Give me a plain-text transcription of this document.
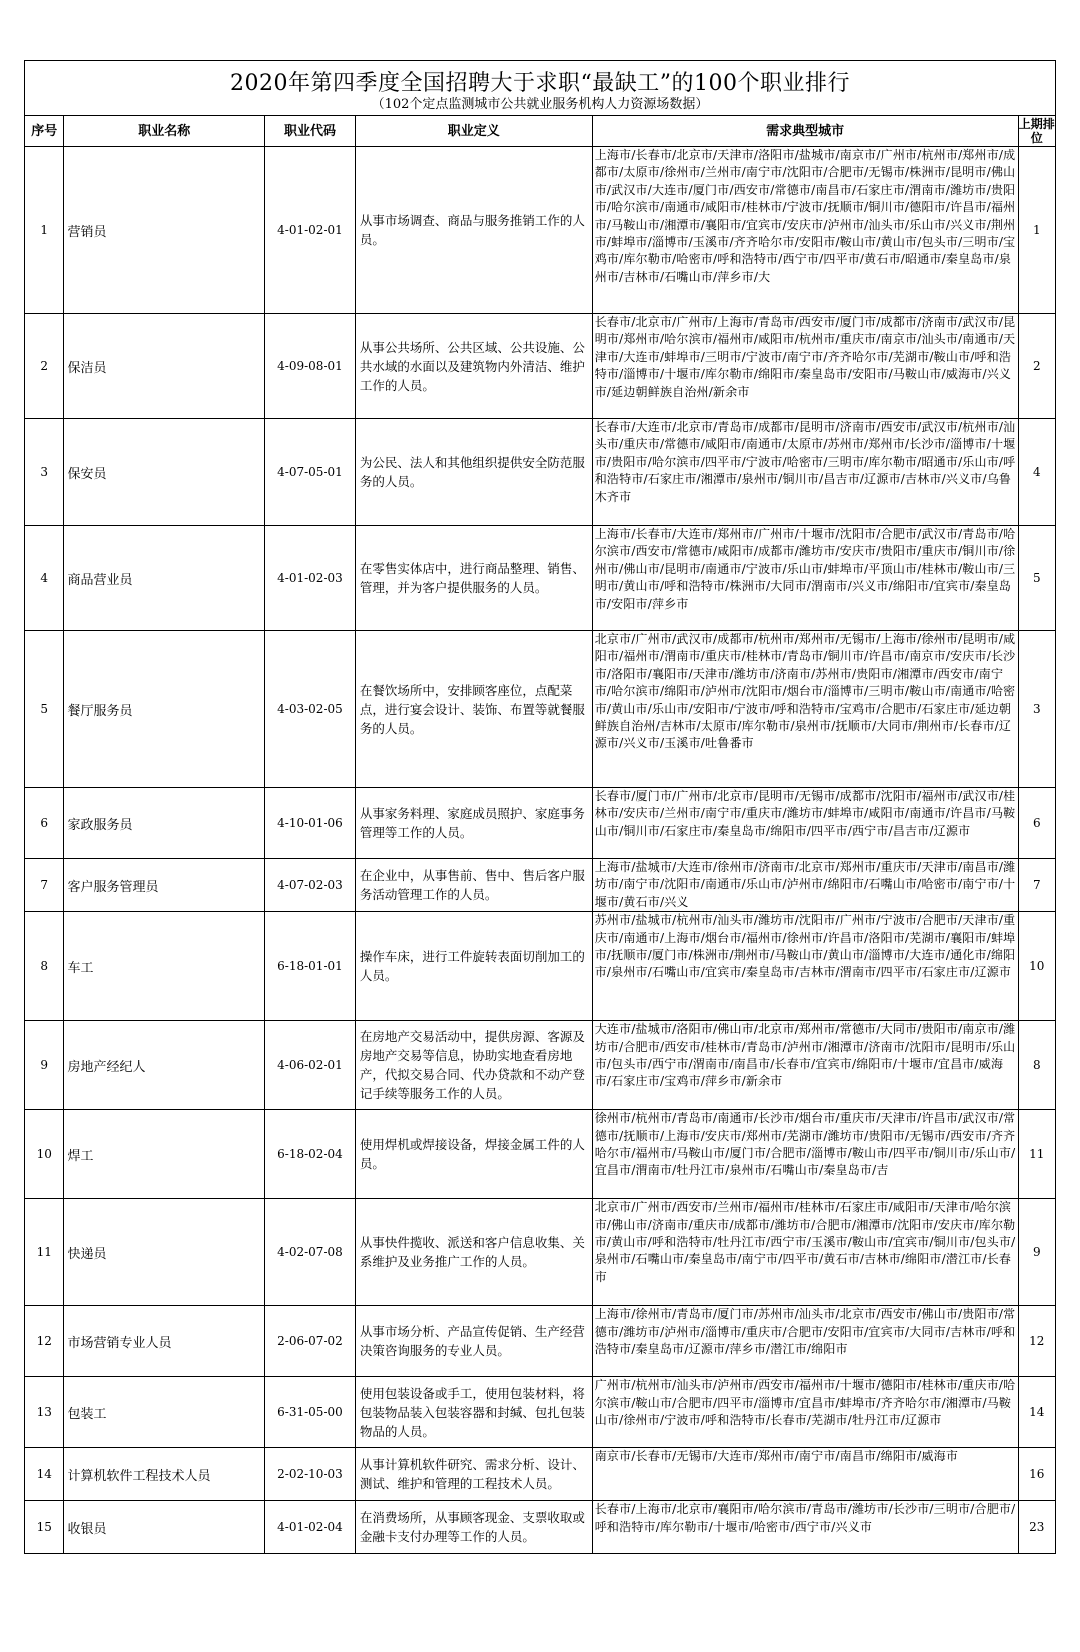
2020年第四季度全国招聘大于求职“最缺工”的100个职业排行					
（102个定点监测城市公共就业服务机构人力资源场数据）					
序号	职业名称	职业代码	职业定义	需求典型城市	上期排位
1	营销员	4-01-02-01	从事市场调查、商品与服务推销工作的人员。	上海市/长春市/北京市/天津市/洛阳市/盐城市/南京市/广州市/杭州市/郑州市/成都市/太原市/徐州市/兰州市/南宁市/沈阳市/合肥市/无锡市/株洲市/昆明市/佛山市/武汉市/大连市/厦门市/西安市/常德市/南昌市/石家庄市/渭南市/潍坊市/贵阳市/哈尔滨市/南通市/咸阳市/桂林市/宁波市/抚顺市/铜川市/德阳市/许昌市/福州市/马鞍山市/湘潭市/襄阳市/宜宾市/安庆市/泸州市/汕头市/乐山市/兴义市/荆州市/蚌埠市/淄博市/玉溪市/齐齐哈尔市/安阳市/鞍山市/黄山市/包头市/三明市/宝鸡市/库尔勒市/哈密市/呼和浩特市/西宁市/四平市/黄石市/昭通市/秦皇岛市/泉州市/吉林市/石嘴山市/萍乡市/大	1
2	保洁员	4-09-08-01	从事公共场所、公共区域、公共设施、公共水域的水面以及建筑物内外清洁、维护工作的人员。	长春市/北京市/广州市/上海市/青岛市/西安市/厦门市/成都市/济南市/武汉市/昆明市/郑州市/哈尔滨市/福州市/咸阳市/杭州市/重庆市/南京市/汕头市/南通市/天津市/大连市/蚌埠市/三明市/宁波市/南宁市/齐齐哈尔市/芜湖市/鞍山市/呼和浩特市/淄博市/十堰市/库尔勒市/绵阳市/秦皇岛市/安阳市/马鞍山市/威海市/兴义市/延边朝鲜族自治州/新余市	2
3	保安员	4-07-05-01	为公民、法人和其他组织提供安全防范服务的人员。	长春市/大连市/北京市/青岛市/成都市/昆明市/济南市/西安市/武汉市/杭州市/汕头市/重庆市/常德市/咸阳市/南通市/太原市/苏州市/郑州市/长沙市/淄博市/十堰市/贵阳市/哈尔滨市/四平市/宁波市/哈密市/三明市/库尔勒市/昭通市/乐山市/呼和浩特市/石家庄市/湘潭市/泉州市/铜川市/昌吉市/辽源市/吉林市/兴义市/乌鲁木齐市	4
4	商品营业员	4-01-02-03	在零售实体店中，进行商品整理、销售、管理，并为客户提供服务的人员。	上海市/长春市/大连市/郑州市/广州市/十堰市/沈阳市/合肥市/武汉市/青岛市/哈尔滨市/西安市/常德市/咸阳市/成都市/潍坊市/安庆市/贵阳市/重庆市/铜川市/徐州市/佛山市/昆明市/南通市/宁波市/乐山市/蚌埠市/平顶山市/桂林市/鞍山市/三明市/黄山市/呼和浩特市/株洲市/大同市/渭南市/兴义市/绵阳市/宜宾市/秦皇岛市/安阳市/萍乡市	5
5	餐厅服务员	4-03-02-05	在餐饮场所中，安排顾客座位，点配菜点，进行宴会设计、装饰、布置等就餐服务的人员。	北京市/广州市/武汉市/成都市/杭州市/郑州市/无锡市/上海市/徐州市/昆明市/咸阳市/福州市/渭南市/重庆市/桂林市/青岛市/铜川市/许昌市/南京市/安庆市/长沙市/洛阳市/襄阳市/天津市/潍坊市/济南市/苏州市/贵阳市/湘潭市/西安市/南宁市/哈尔滨市/绵阳市/泸州市/沈阳市/烟台市/淄博市/三明市/鞍山市/南通市/哈密市/黄山市/乐山市/安阳市/宁波市/呼和浩特市/宝鸡市/合肥市/石家庄市/延边朝鲜族自治州/吉林市/太原市/库尔勒市/泉州市/抚顺市/大同市/荆州市/长春市/辽源市/兴义市/玉溪市/吐鲁番市	3
6	家政服务员	4-10-01-06	从事家务料理、家庭成员照护、家庭事务管理等工作的人员。	长春市/厦门市/广州市/北京市/昆明市/无锡市/成都市/沈阳市/福州市/武汉市/桂林市/安庆市/兰州市/南宁市/重庆市/潍坊市/蚌埠市/咸阳市/南通市/许昌市/马鞍山市/铜川市/石家庄市/秦皇岛市/绵阳市/四平市/西宁市/昌吉市/辽源市	6
7	客户服务管理员	4-07-02-03	在企业中，从事售前、售中、售后客户服务活动管理工作的人员。	上海市/盐城市/大连市/徐州市/济南市/北京市/郑州市/重庆市/天津市/南昌市/潍坊市/南宁市/沈阳市/南通市/乐山市/泸州市/绵阳市/石嘴山市/哈密市/南宁市/十堰市/黄石市/兴义	7
8	车工	6-18-01-01	操作车床，进行工件旋转表面切削加工的人员。	苏州市/盐城市/杭州市/汕头市/潍坊市/沈阳市/广州市/宁波市/合肥市/天津市/重庆市/南通市/上海市/烟台市/福州市/徐州市/许昌市/洛阳市/芜湖市/襄阳市/蚌埠市/抚顺市/厦门市/株洲市/荆州市/马鞍山市/黄山市/淄博市/大连市/通化市/绵阳市/泉州市/石嘴山市/宜宾市/秦皇岛市/吉林市/渭南市/四平市/石家庄市/辽源市	10
9	房地产经纪人	4-06-02-01	在房地产交易活动中，提供房源、客源及房地产交易等信息，协助实地查看房地产，代拟交易合同、代办贷款和不动产登记手续等服务工作的人员。	大连市/盐城市/洛阳市/佛山市/北京市/郑州市/常德市/大同市/贵阳市/南京市/潍坊市/合肥市/西安市/桂林市/青岛市/泸州市/湘潭市/济南市/沈阳市/昆明市/乐山市/包头市/西宁市/渭南市/南昌市/长春市/宜宾市/绵阳市/十堰市/宜昌市/威海市/石家庄市/宝鸡市/萍乡市/新余市	8
10	焊工	6-18-02-04	使用焊机或焊接设备，焊接金属工件的人员。	徐州市/杭州市/青岛市/南通市/长沙市/烟台市/重庆市/天津市/许昌市/武汉市/常德市/抚顺市/上海市/安庆市/郑州市/芜湖市/潍坊市/贵阳市/无锡市/西安市/齐齐哈尔市/福州市/马鞍山市/厦门市/合肥市/淄博市/鞍山市/四平市/铜川市/乐山市/宜昌市/渭南市/牡丹江市/泉州市/石嘴山市/秦皇岛市/吉	11
11	快递员	4-02-07-08	从事快件揽收、派送和客户信息收集、关系维护及业务推广工作的人员。	北京市/广州市/西安市/兰州市/福州市/桂林市/石家庄市/咸阳市/天津市/哈尔滨市/佛山市/济南市/重庆市/成都市/潍坊市/合肥市/湘潭市/沈阳市/安庆市/库尔勒市/黄山市/呼和浩特市/牡丹江市/西宁市/玉溪市/鞍山市/宜宾市/铜川市/包头市/泉州市/石嘴山市/秦皇岛市/南宁市/四平市/黄石市/吉林市/绵阳市/潜江市/长春市	9
12	市场营销专业人员	2-06-07-02	从事市场分析、产品宣传促销、生产经营决策咨询服务的专业人员。	上海市/徐州市/青岛市/厦门市/苏州市/汕头市/北京市/西安市/佛山市/贵阳市/常德市/潍坊市/泸州市/淄博市/重庆市/合肥市/安阳市/宜宾市/大同市/吉林市/呼和浩特市/秦皇岛市/辽源市/萍乡市/潜江市/绵阳市	12
13	包装工	6-31-05-00	使用包装设备或手工，使用包装材料，将包装物品装入包装容器和封缄、包扎包装物品的人员。	广州市/杭州市/汕头市/泸州市/西安市/福州市/十堰市/德阳市/桂林市/重庆市/哈尔滨市/鞍山市/合肥市/四平市/淄博市/宜昌市/蚌埠市/齐齐哈尔市/湘潭市/马鞍山市/徐州市/宁波市/呼和浩特市/长春市/芜湖市/牡丹江市/辽源市	14
14	计算机软件工程技术人员	2-02-10-03	从事计算机软件研究、需求分析、设计、测试、维护和管理的工程技术人员。	南京市/长春市/无锡市/大连市/郑州市/南宁市/南昌市/绵阳市/威海市	16
15	收银员	4-01-02-04	在消费场所，从事顾客现金、支票收取或金融卡支付办理等工作的人员。	长春市/上海市/北京市/襄阳市/哈尔滨市/青岛市/潍坊市/长沙市/三明市/合肥市/呼和浩特市/库尔勒市/十堰市/哈密市/西宁市/兴义市	23
